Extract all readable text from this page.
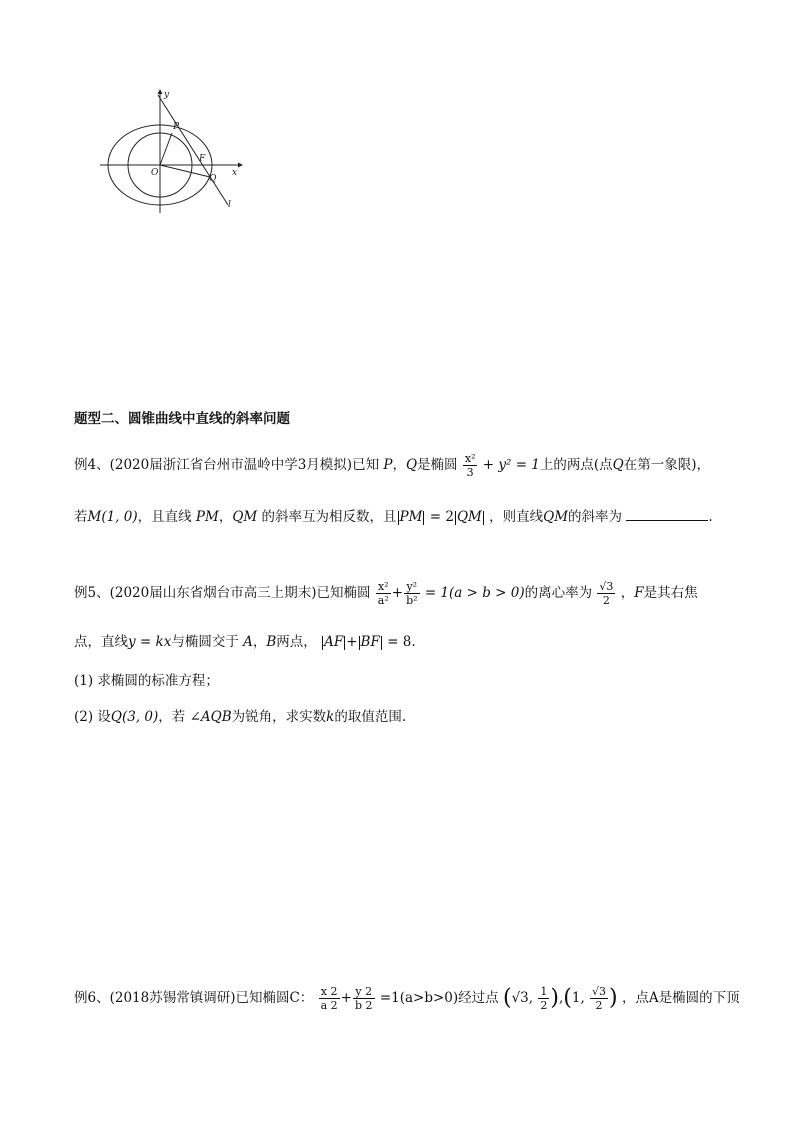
y
x
P
F
O
Q
l
题型二、圆锥曲线中直线的斜率问题
例4、(2020届浙江省台州市温岭中学3月模拟)已知 P，Q是椭圆 $\frac{\text{x²}}{3} + y^2 = 1$上的两点(点Q在第一象限)，
若M(1, 0)，且直线 PM，QM 的斜率互为相反数，且 PM = 2 QM ，则直线QM的斜率为	.
例5、(2020届山东省烟台市高三上期末)已知椭圆 $\frac{\text{x²}}{\text{a²}} + \frac{\text{y²}}{\text{b²}} = 1(a > b > 0)$的离心率为 $\frac{√3}{2}$ ，F是其右焦
点，直线y = kx与椭圆交于 A，B两点， AF + BF = 8.
(1) 求椭圆的标准方程；
(2) 设Q(3, 0)，若 ∠AQB为锐角，求实数k的取值范围.
例6、(2018苏锡常镇调研)已知椭圆C： $\frac{x 2}{a 2} + \frac{y 2}{b 2} =1(a>b>0)$经过点 (√3, $\frac{1}{2} ),(1$, $\frac{√3}{2}$ ) ，点A是椭圆的下顶
